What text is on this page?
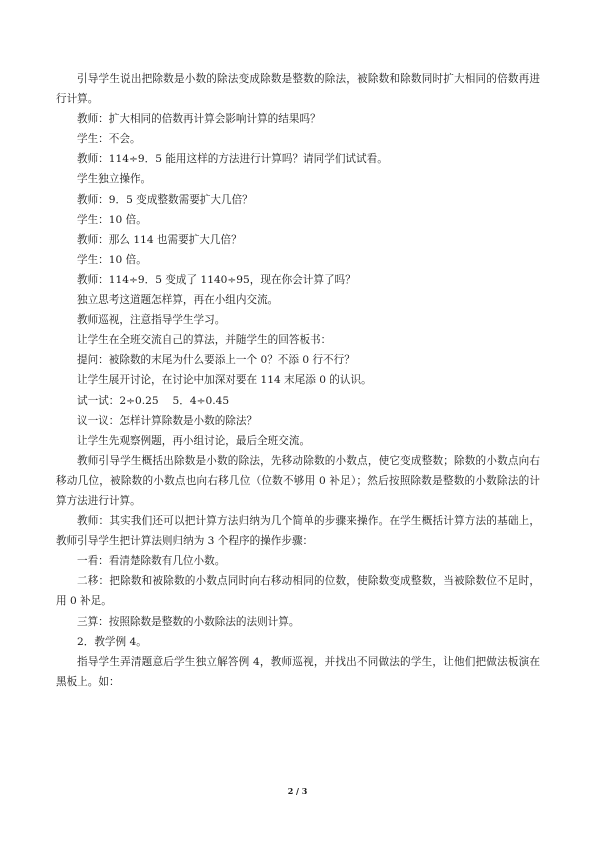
引导学生说出把除数是小数的除法变成除数是整数的除法，被除数和除数同时扩大相同的倍数再进行计算。

教师：扩大相同的倍数再计算会影响计算的结果吗？

学生：不会。

教师：114÷9．5 能用这样的方法进行计算吗？请同学们试试看。

学生独立操作。

教师：9．5 变成整数需要扩大几倍？

学生：10 倍。

教师：那么 114 也需要扩大几倍？

学生：10 倍。

教师：114÷9．5 变成了 1140÷95，现在你会计算了吗？

独立思考这道题怎样算，再在小组内交流。

教师巡视，注意指导学生学习。

让学生在全班交流自己的算法，并随学生的回答板书：

提问：被除数的末尾为什么要添上一个 0？不添 0 行不行？

让学生展开讨论，在讨论中加深对要在 114 末尾添 0 的认识。

试一试：2÷0.25　 5．4÷0.45

议一议：怎样计算除数是小数的除法？

让学生先观察例题，再小组讨论，最后全班交流。

教师引导学生概括出除数是小数的除法，先移动除数的小数点，使它变成整数；除数的小数点向右移动几位，被除数的小数点也向右移几位（位数不够用 0 补足）；然后按照除数是整数的小数除法的计算方法进行计算。

教师：其实我们还可以把计算方法归纳为几个简单的步骤来操作。在学生概括计算方法的基础上，教师引导学生把计算法则归纳为 3 个程序的操作步骤：

一看：看清楚除数有几位小数。

二移：把除数和被除数的小数点同时向右移动相同的位数，使除数变成整数，当被除数位不足时，用 0 补足。

三算：按照除数是整数的小数除法的法则计算。

2．教学例 4。

指导学生弄清题意后学生独立解答例 4，教师巡视，并找出不同做法的学生，让他们把做法板演在黑板上。如：

2 / 3
